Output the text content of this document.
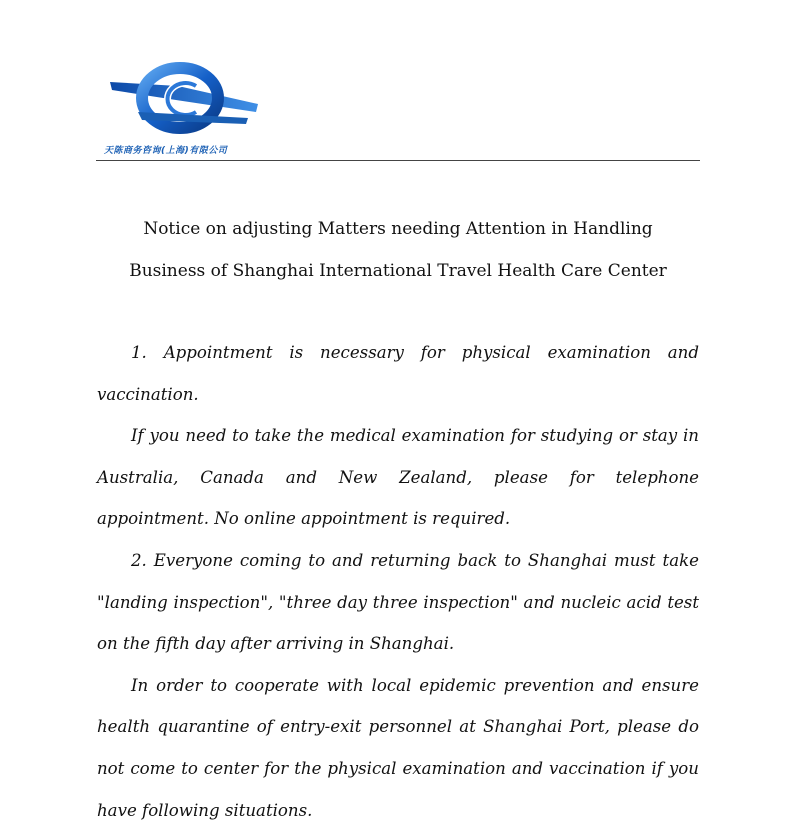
天陈商务咨询(上海)有限公司
Notice on adjusting Matters needing Attention in Handling
Business of Shanghai International Travel Health Care Center

1. Appointment is necessary for physical examination and vaccination.

If you need to take the medical examination for studying or stay in Australia, Canada and New Zealand, please for telephone appointment. No online appointment is required.

2. Everyone coming to and returning back to Shanghai must take "landing inspection", "three day three inspection" and nucleic acid test on the fifth day after arriving in Shanghai.

In order to cooperate with local epidemic prevention and ensure health quarantine of entry-exit personnel at Shanghai Port, please do not come to center for the physical examination and vaccination if you have following situations.
